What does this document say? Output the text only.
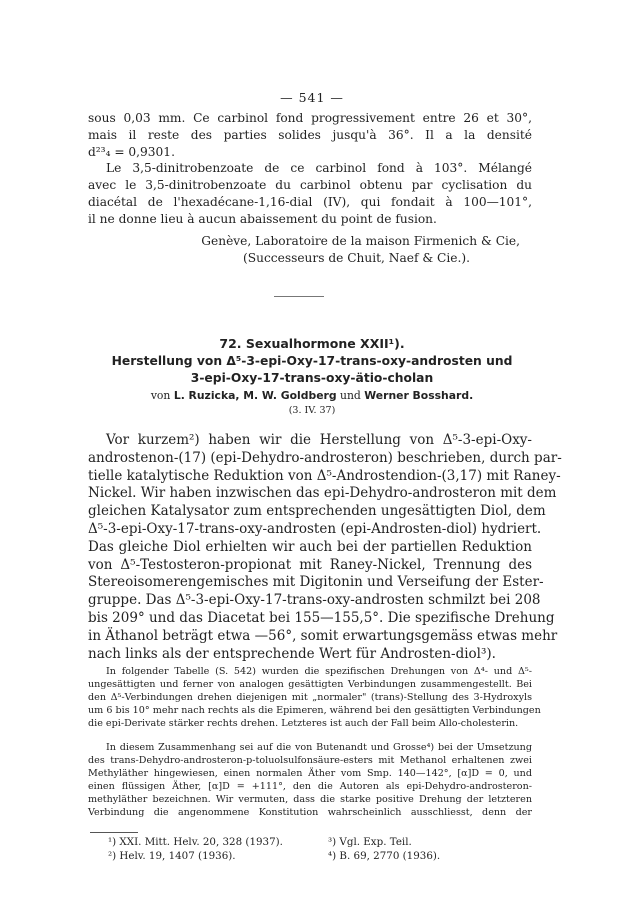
— 541 —
sous 0,03 mm. Ce carbinol fond progressivement entre 26 et 30°,
mais il reste des parties solides jusqu'à 36°. Il a la densité
d²³₄ = 0,9301.
Le 3,5-dinitrobenzoate de ce carbinol fond à 103°. Mélangé
avec le 3,5-dinitrobenzoate du carbinol obtenu par cyclisation du
diacétal de l'hexadécane-1,16-dial (IV), qui fondait à 100—101°,
il ne donne lieu à aucun abaissement du point de fusion.
Genève, Laboratoire de la maison Firmenich & Cie,
(Successeurs de Chuit, Naef & Cie.).
72. Sexualhormone XXII¹).
Herstellung von Δ⁵-3-epi-Oxy-17-trans-oxy-androsten und
3-epi-Oxy-17-trans-oxy-ätio-cholan
von L. Ruzicka, M. W. Goldberg und Werner Bosshard.
(3. IV. 37)
Vor kurzem²) haben wir die Herstellung von Δ⁵-3-epi-Oxy-
androstenon-(17) (epi-Dehydro-androsteron) beschrieben, durch par-
tielle katalytische Reduktion von Δ⁵-Androstendion-(3,17) mit Raney-
Nickel. Wir haben inzwischen das epi-Dehydro-androsteron mit dem
gleichen Katalysator zum entsprechenden ungesättigten Diol, dem
Δ⁵-3-epi-Oxy-17-trans-oxy-androsten (epi-Androsten-diol) hydriert.
Das gleiche Diol erhielten wir auch bei der partiellen Reduktion
von Δ⁵-Testosteron-propionat mit Raney-Nickel, Trennung des
Stereoisomerengemisches mit Digitonin und Verseifung der Ester-
gruppe. Das Δ⁵-3-epi-Oxy-17-trans-oxy-androsten schmilzt bei 208
bis 209° und das Diacetat bei 155—155,5°. Die spezifische Drehung
in Äthanol beträgt etwa —56°, somit erwartungsgemäss etwas mehr
nach links als der entsprechende Wert für Androsten-diol³).
In folgender Tabelle (S. 542) wurden die spezifischen Drehungen von Δ⁴- und Δ⁵-
ungesättigten und ferner von analogen gesättigten Verbindungen zusammengestellt. Bei
den Δ⁵-Verbindungen drehen diejenigen mit „normaler" (trans)-Stellung des 3-Hydroxyls
um 6 bis 10° mehr nach rechts als die Epimeren, während bei den gesättigten Verbindungen
die epi-Derivate stärker rechts drehen. Letzteres ist auch der Fall beim Allo-cholesterin.
In diesem Zusammenhang sei auf die von Butenandt und Grosse⁴) bei der Umsetzung
des trans-Dehydro-androsteron-p-toluolsulfonsäure-esters mit Methanol erhaltenen zwei
Methyläther hingewiesen, einen normalen Äther vom Smp. 140—142°, [α]D = 0, und
einen flüssigen Äther, [α]D = +111°, den die Autoren als epi-Dehydro-androsteron-
methyläther bezeichnen. Wir vermuten, dass die starke positive Drehung der letzteren
Verbindung die angenommene Konstitution wahrscheinlich ausschliesst, denn der
¹) XXI. Mitt. Helv. 20, 328 (1937).
²) Helv. 19, 1407 (1936).
³) Vgl. Exp. Teil.
⁴) B. 69, 2770 (1936).
